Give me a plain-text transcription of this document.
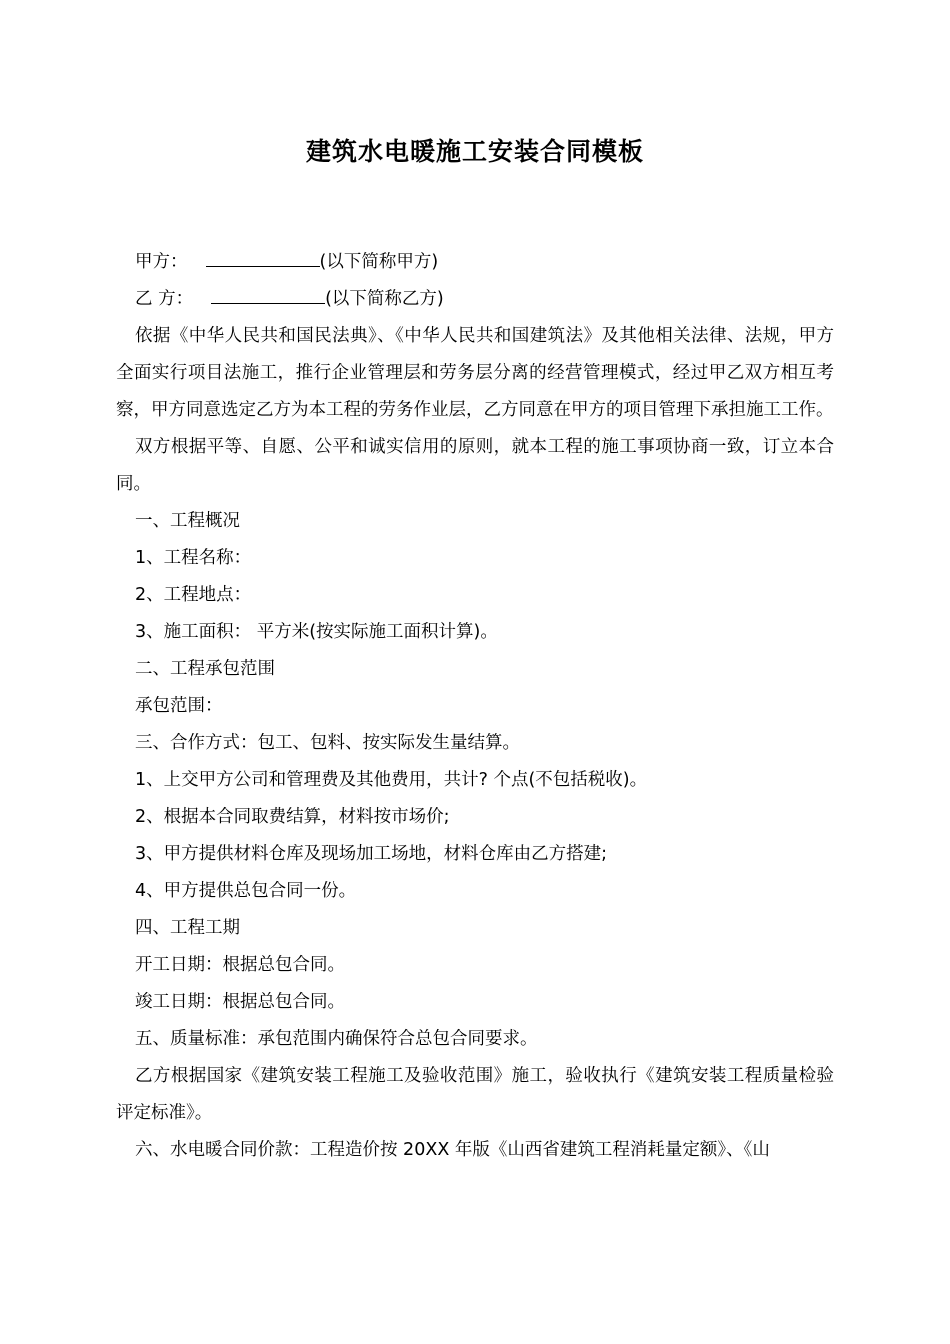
建筑水电暖施工安装合同模板

甲方：	(以下简称甲方)

乙 方：	(以下简称乙方)

依据《中华人民共和国民法典》、《中华人民共和国建筑法》及其他相关法律、法规，甲方全面实行项目法施工，推行企业管理层和劳务层分离的经营管理模式，经过甲乙双方相互考察，甲方同意选定乙方为本工程的劳务作业层，乙方同意在甲方的项目管理下承担施工工作。

双方根据平等、自愿、公平和诚实信用的原则，就本工程的施工事项协商一致，订立本合同。

一、工程概况

1、工程名称：

2、工程地点：

3、施工面积： 平方米(按实际施工面积计算)。

二、工程承包范围

承包范围：

三、合作方式：包工、包料、按实际发生量结算。

1、上交甲方公司和管理费及其他费用，共计? 个点(不包括税收)。

2、根据本合同取费结算，材料按市场价;

3、甲方提供材料仓库及现场加工场地，材料仓库由乙方搭建;

4、甲方提供总包合同一份。

四、工程工期

开工日期：根据总包合同。

竣工日期：根据总包合同。

五、质量标准：承包范围内确保符合总包合同要求。

乙方根据国家《建筑安装工程施工及验收范围》施工，验收执行《建筑安装工程质量检验评定标准》。

六、水电暖合同价款：工程造价按 20XX 年版《山西省建筑工程消耗量定额》、《山
